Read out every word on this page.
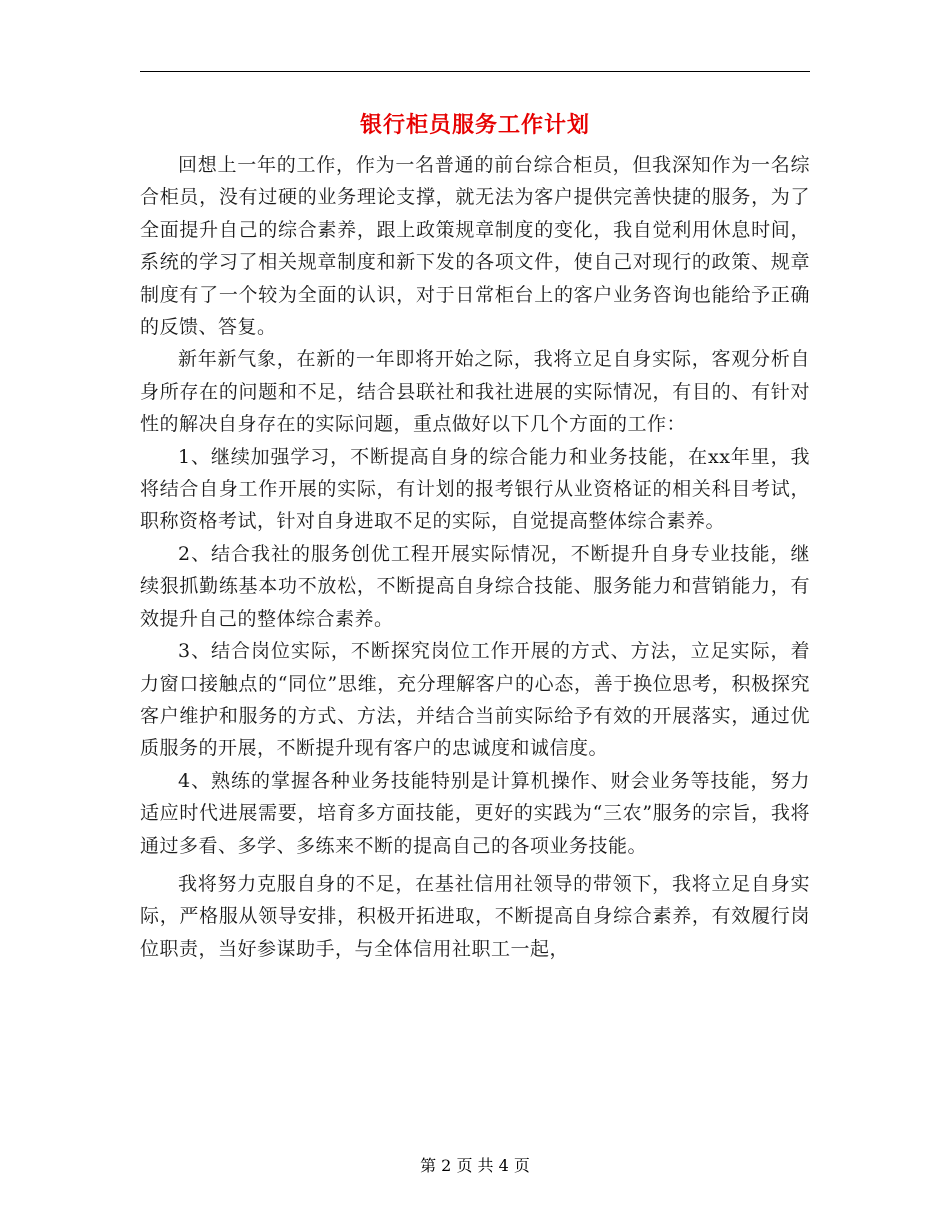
银行柜员服务工作计划

回想上一年的工作，作为一名普通的前台综合柜员，但我深知作为一名综合柜员，没有过硬的业务理论支撑，就无法为客户提供完善快捷的服务，为了全面提升自己的综合素养，跟上政策规章制度的变化，我自觉利用休息时间，系统的学习了相关规章制度和新下发的各项文件，使自己对现行的政策、规章制度有了一个较为全面的认识，对于日常柜台上的客户业务咨询也能给予正确的反馈、答复。

新年新气象，在新的一年即将开始之际，我将立足自身实际，客观分析自身所存在的问题和不足，结合县联社和我社进展的实际情况，有目的、有针对性的解决自身存在的实际问题，重点做好以下几个方面的工作：

1、继续加强学习，不断提高自身的综合能力和业务技能，在xx年里，我将结合自身工作开展的实际，有计划的报考银行从业资格证的相关科目考试，职称资格考试，针对自身进取不足的实际，自觉提高整体综合素养。

2、结合我社的服务创优工程开展实际情况，不断提升自身专业技能，继续狠抓勤练基本功不放松，不断提高自身综合技能、服务能力和营销能力，有效提升自己的整体综合素养。

3、结合岗位实际，不断探究岗位工作开展的方式、方法，立足实际，着力窗口接触点的“同位”思维，充分理解客户的心态，善于换位思考，积极探究客户维护和服务的方式、方法，并结合当前实际给予有效的开展落实，通过优质服务的开展，不断提升现有客户的忠诚度和诚信度。

4、熟练的掌握各种业务技能特别是计算机操作、财会业务等技能，努力适应时代进展需要，培育多方面技能，更好的实践为“三农”服务的宗旨，我将通过多看、多学、多练来不断的提高自己的各项业务技能。

我将努力克服自身的不足，在基社信用社领导的带领下，我将立足自身实际，严格服从领导安排，积极开拓进取，不断提高自身综合素养，有效履行岗位职责，当好参谋助手，与全体信用社职工一起，

第 2 页 共 4 页
